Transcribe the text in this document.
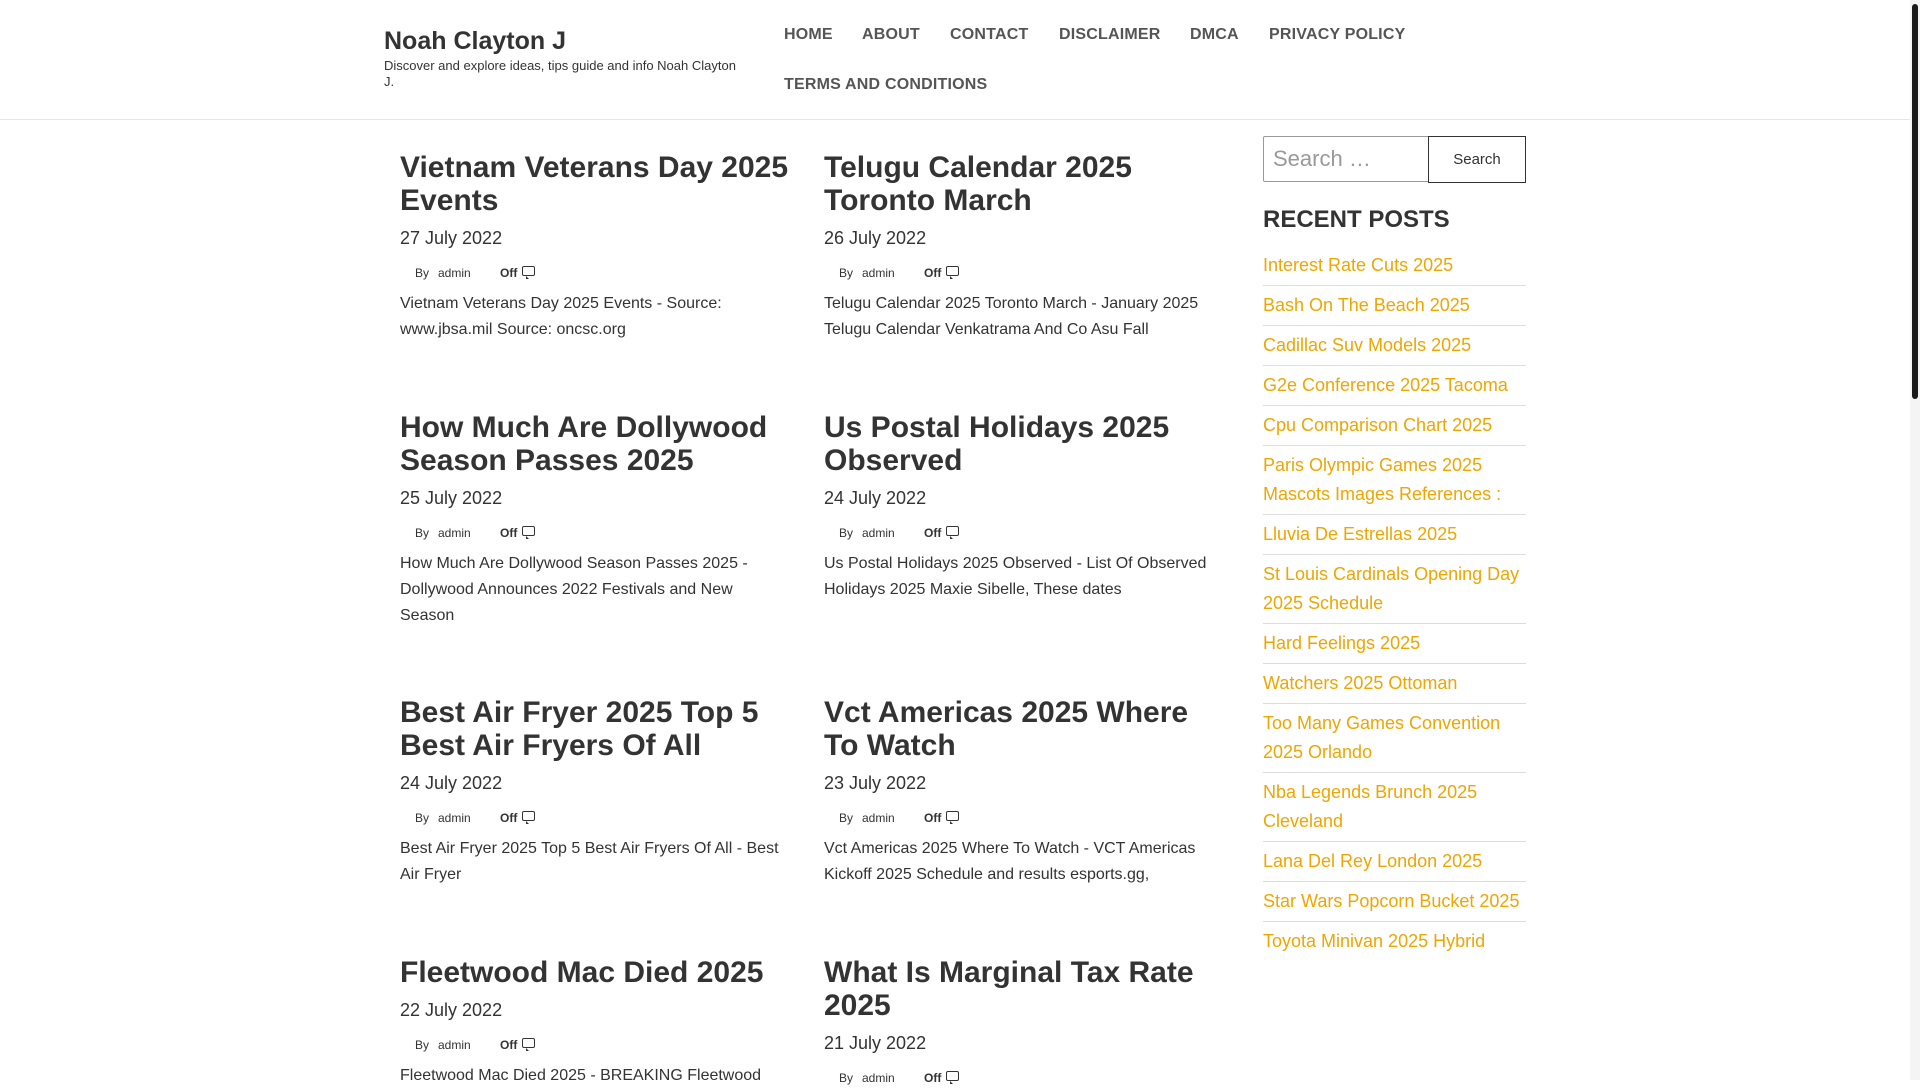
Noah Clayton J
Discover and explore ideas, tips guide and info Noah Clayton J.
HOME ABOUT CONTACT DISCLAIMER DMCA PRIVACY POLICY
TERMS AND CONDITIONS
Vietnam Veterans Day 2025 Events
27 July 2022
By admin Off
Vietnam Veterans Day 2025 Events - Source: www.jbsa.mil Source: oncsc.org
Telugu Calendar 2025 Toronto March
26 July 2022
By admin Off
Telugu Calendar 2025 Toronto March - January 2025 Telugu Calendar Venkatrama And Co Asu Fall
How Much Are Dollywood Season Passes 2025
25 July 2022
By admin Off
How Much Are Dollywood Season Passes 2025 - Dollywood Announces 2022 Festivals and New Season
Us Postal Holidays 2025 Observed
24 July 2022
By admin Off
Us Postal Holidays 2025 Observed - List Of Observed Holidays 2025 Maxie Sibelle, These dates
Best Air Fryer 2025 Top 5 Best Air Fryers Of All
24 July 2022
By admin Off
Best Air Fryer 2025 Top 5 Best Air Fryers Of All - Best Air Fryer
Vct Americas 2025 Where To Watch
23 July 2022
By admin Off
Vct Americas 2025 Where To Watch - VCT Americas Kickoff 2025 Schedule and results esports.gg,
Fleetwood Mac Died 2025
22 July 2022
By admin Off
Fleetwood Mac Died 2025 - BREAKING Fleetwood
What Is Marginal Tax Rate 2025
21 July 2022
By admin Off
Search …
Search
RECENT POSTS
Interest Rate Cuts 2025
Bash On The Beach 2025
Cadillac Suv Models 2025
G2e Conference 2025 Tacoma
Cpu Comparison Chart 2025
Paris Olympic Games 2025 Mascots Images References :
Lluvia De Estrellas 2025
St Louis Cardinals Opening Day 2025 Schedule
Hard Feelings 2025
Watchers 2025 Ottoman
Too Many Games Convention 2025 Orlando
Nba Legends Brunch 2025 Cleveland
Lana Del Rey London 2025
Star Wars Popcorn Bucket 2025
Toyota Minivan 2025 Hybrid
